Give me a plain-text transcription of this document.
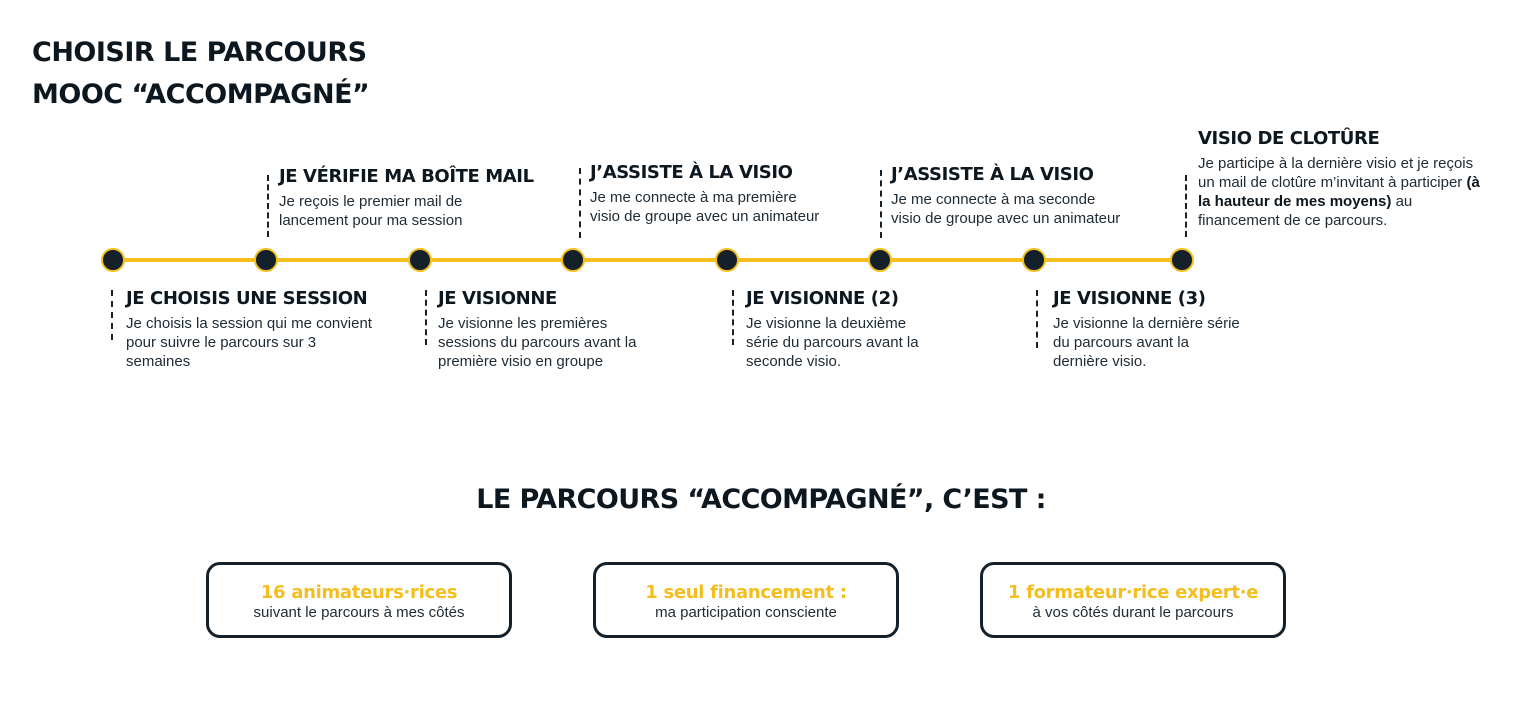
CHOISIR LE PARCOURS
MOOC “ACCOMPAGNÉ”
JE CHOISIS UNE SESSION

Je choisis la session qui me convient pour suivre le parcours sur 3 semaines

JE VISIONNE

Je visionne les premières sessions du parcours avant la première visio en groupe

JE VISIONNE (2)

Je visionne la deuxième série du parcours avant la seconde visio.

JE VISIONNE (3)

Je visionne la dernière série du parcours avant la dernière visio.

JE VÉRIFIE MA BOÎTE MAIL

Je reçois le premier mail de lancement pour ma session

J’ASSISTE À LA VISIO

Je me connecte à ma première visio de groupe avec un animateur

J’ASSISTE À LA VISIO

Je me connecte à ma seconde visio de groupe avec un animateur

VISIO DE CLOTÛRE

Je participe à la dernière visio et je reçois un mail de clotûre m’invitant à participer (à la hauteur de mes moyens) au financement de ce parcours.

LE PARCOURS “ACCOMPAGNÉ”, C’EST :
16 animateurs·rices
suivant le parcours à mes côtés
1 seul financement :
ma participation consciente
1 formateur·rice expert·e
à vos côtés durant le parcours
